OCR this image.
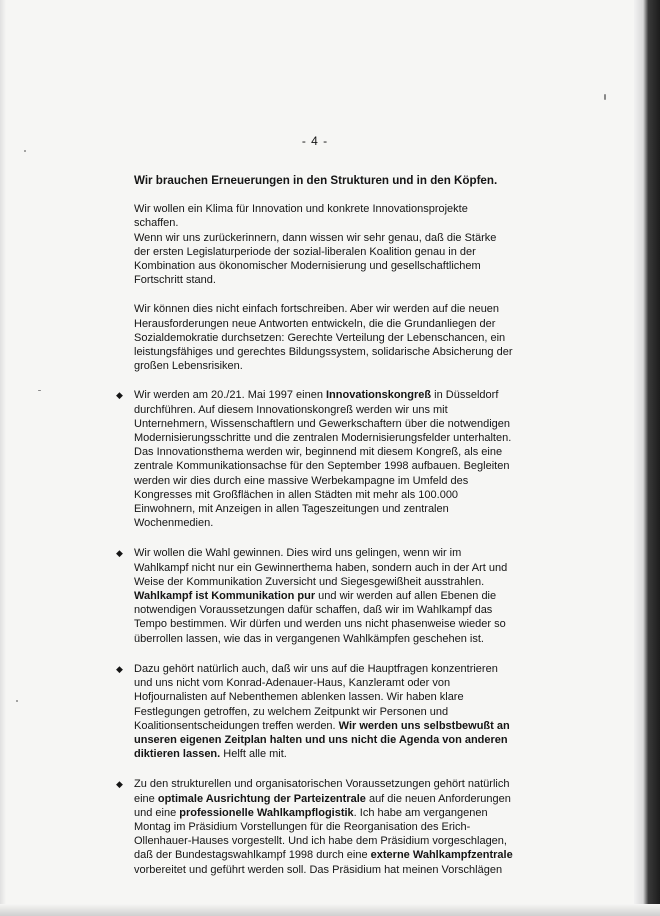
- 4 -
Wir brauchen Erneuerungen in den Strukturen und in den Köpfen.
Wir wollen ein Klima für Innovation und konkrete Innovationsprojekte
schaffen.
Wenn wir uns zurückerinnern, dann wissen wir sehr genau, daß die Stärke
der ersten Legislaturperiode der sozial-liberalen Koalition genau in der
Kombination aus ökonomischer Modernisierung und gesellschaftlichem
Fortschritt stand.
Wir können dies nicht einfach fortschreiben. Aber wir werden auf die neuen
Herausforderungen neue Antworten entwickeln, die die Grundanliegen der
Sozialdemokratie durchsetzen: Gerechte Verteilung der Lebenschancen, ein
leistungsfähiges und gerechtes Bildungssystem, solidarische Absicherung der
großen Lebensrisiken.
◆ Wir werden am 20./21. Mai 1997 einen Innovationskongreß in Düsseldorf
durchführen. Auf diesem Innovationskongreß werden wir uns mit
Unternehmern, Wissenschaftlern und Gewerkschaftern über die notwendigen
Modernisierungsschritte und die zentralen Modernisierungsfelder unterhalten.
Das Innovationsthema werden wir, beginnend mit diesem Kongreß, als eine
zentrale Kommunikationsachse für den September 1998 aufbauen. Begleiten
werden wir dies durch eine massive Werbekampagne im Umfeld des
Kongresses mit Großflächen in allen Städten mit mehr als 100.000
Einwohnern, mit Anzeigen in allen Tageszeitungen und zentralen
Wochenmedien.
◆ Wir wollen die Wahl gewinnen. Dies wird uns gelingen, wenn wir im
Wahlkampf nicht nur ein Gewinnerthema haben, sondern auch in der Art und
Weise der Kommunikation Zuversicht und Siegesgewißheit ausstrahlen.
Wahlkampf ist Kommunikation pur und wir werden auf allen Ebenen die
notwendigen Voraussetzungen dafür schaffen, daß wir im Wahlkampf das
Tempo bestimmen. Wir dürfen und werden uns nicht phasenweise wieder so
überrollen lassen, wie das in vergangenen Wahlkämpfen geschehen ist.
◆ Dazu gehört natürlich auch, daß wir uns auf die Hauptfragen konzentrieren
und uns nicht vom Konrad-Adenauer-Haus, Kanzleramt oder von
Hofjournalisten auf Nebenthemen ablenken lassen. Wir haben klare
Festlegungen getroffen, zu welchem Zeitpunkt wir Personen und
Koalitionsentscheidungen treffen werden. Wir werden uns selbstbewußt an
unseren eigenen Zeitplan halten und uns nicht die Agenda von anderen
diktieren lassen. Helft alle mit.
◆ Zu den strukturellen und organisatorischen Voraussetzungen gehört natürlich
eine optimale Ausrichtung der Parteizentrale auf die neuen Anforderungen
und eine professionelle Wahlkampflogistik. Ich habe am vergangenen
Montag im Präsidium Vorstellungen für die Reorganisation des Erich-
Ollenhauer-Hauses vorgestellt. Und ich habe dem Präsidium vorgeschlagen,
daß der Bundestagswahlkampf 1998 durch eine externe Wahlkampfzentrale
vorbereitet und geführt werden soll. Das Präsidium hat meinen Vorschlägen
